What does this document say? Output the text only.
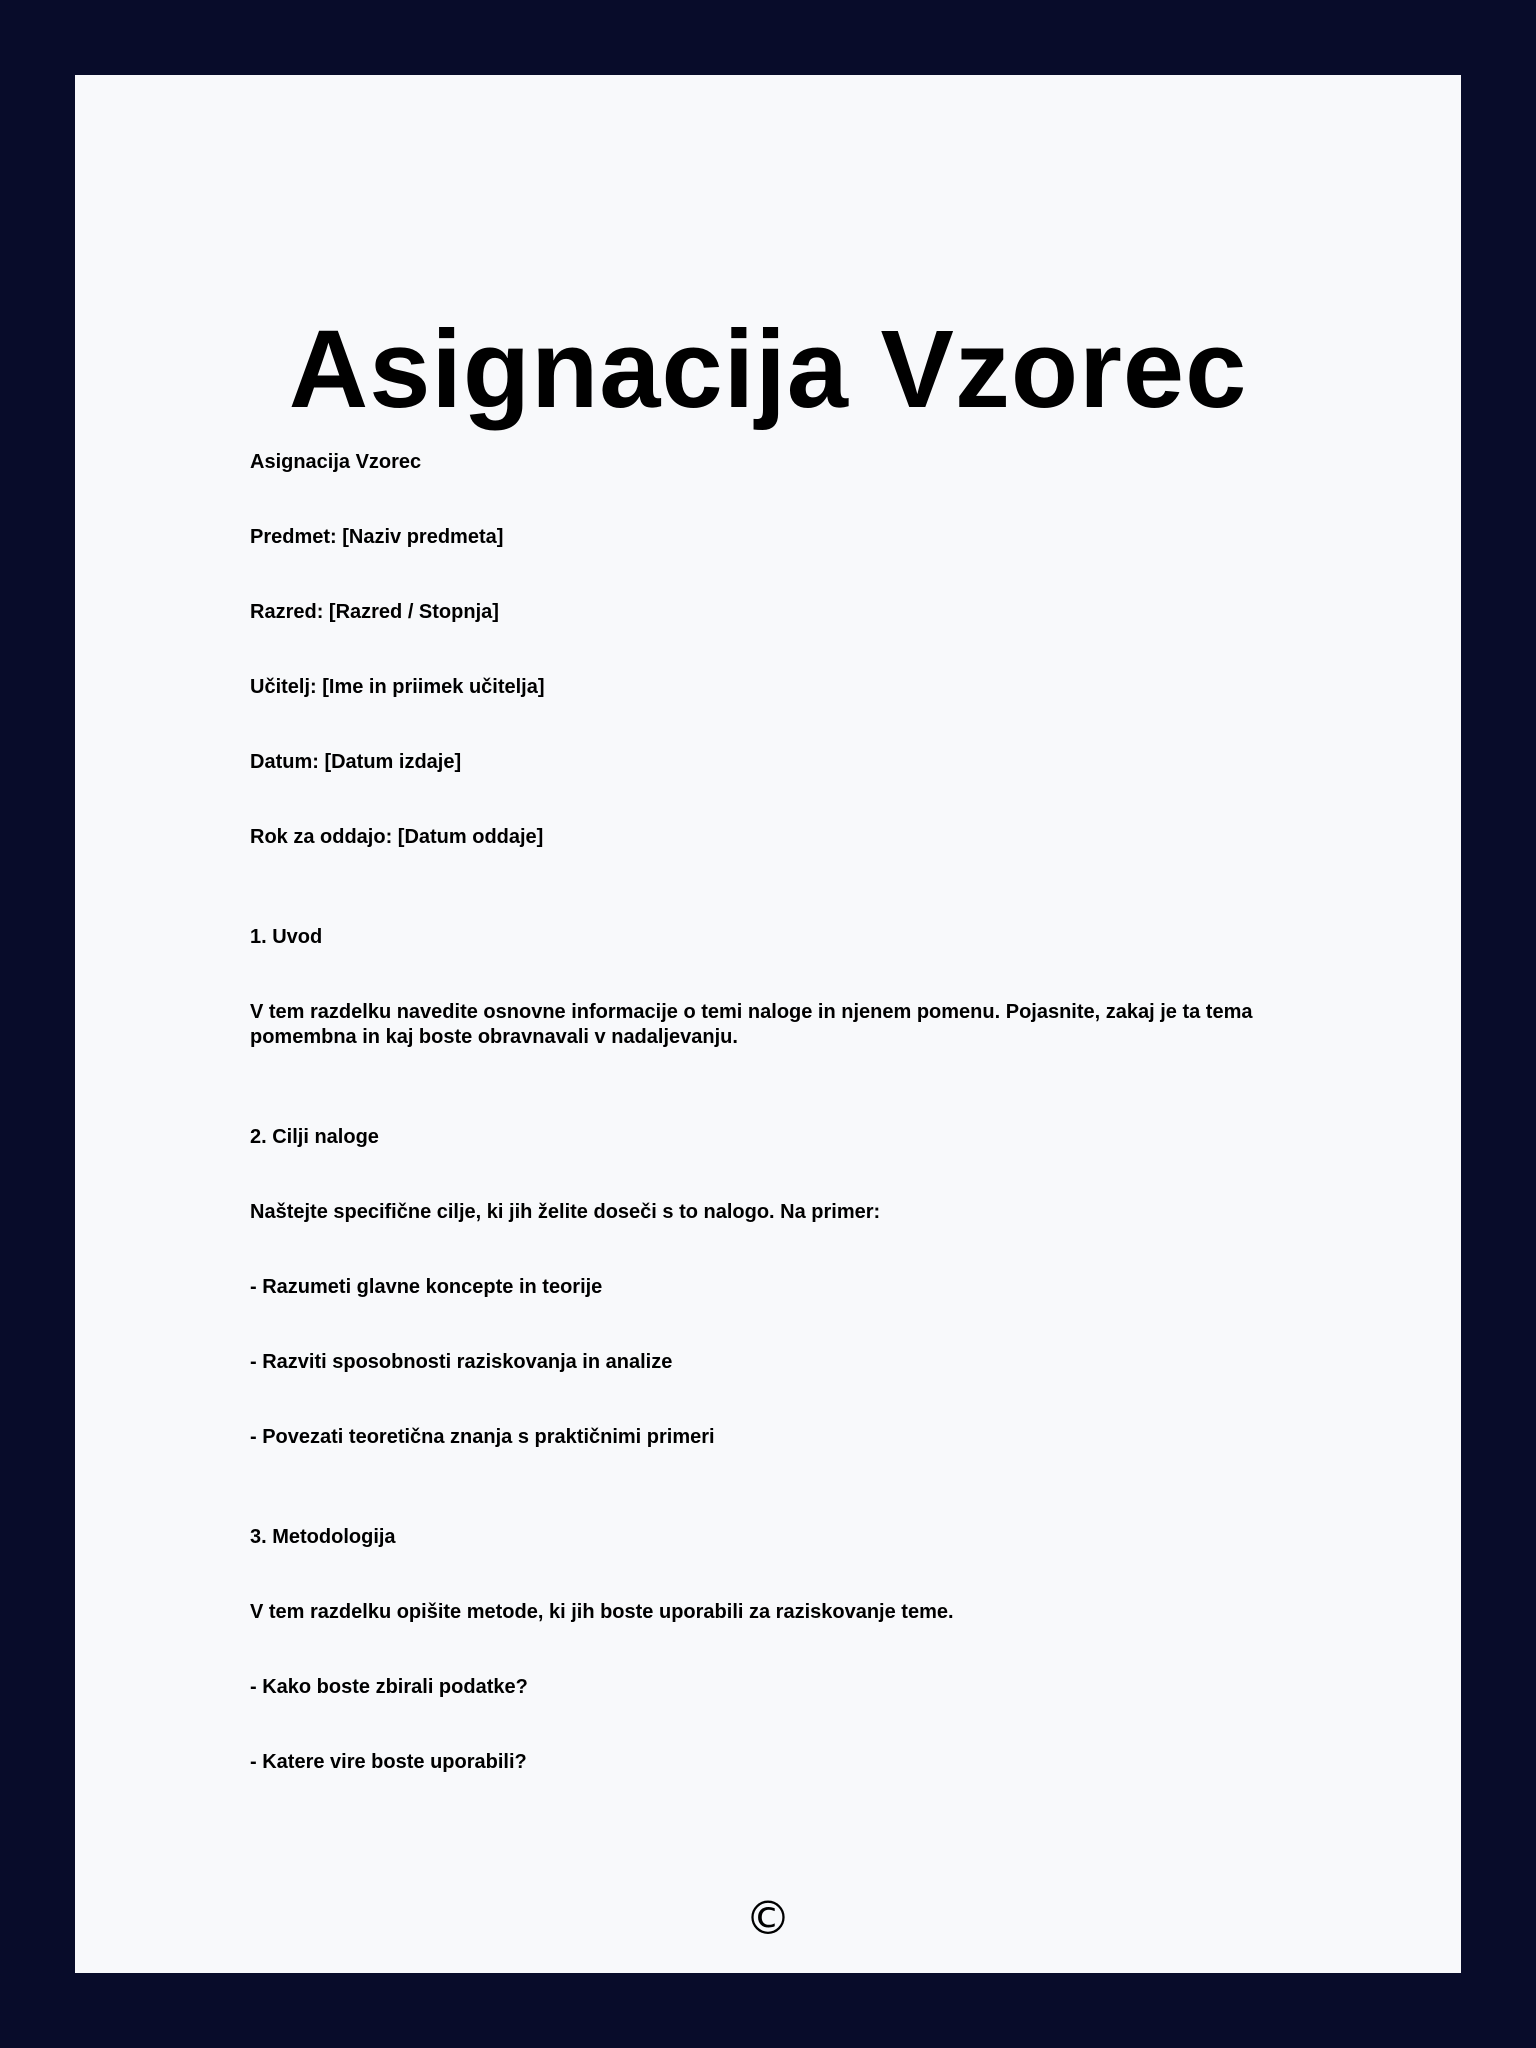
Asignacija Vzorec

Asignacija Vzorec

Predmet: [Naziv predmeta]

Razred: [Razred / Stopnja]

Učitelj: [Ime in priimek učitelja]

Datum: [Datum izdaje]

Rok za oddajo: [Datum oddaje]

1. Uvod

V tem razdelku navedite osnovne informacije o temi naloge in njenem pomenu. Pojasnite, zakaj je ta tema pomembna in kaj boste obravnavali v nadaljevanju.

2. Cilji naloge

Naštejte specifične cilje, ki jih želite doseči s to nalogo. Na primer:

- Razumeti glavne koncepte in teorije

- Razviti sposobnosti raziskovanja in analize

- Povezati teoretična znanja s praktičnimi primeri

3. Metodologija

V tem razdelku opišite metode, ki jih boste uporabili za raziskovanje teme.

- Kako boste zbirali podatke?

- Katere vire boste uporabili?

©
